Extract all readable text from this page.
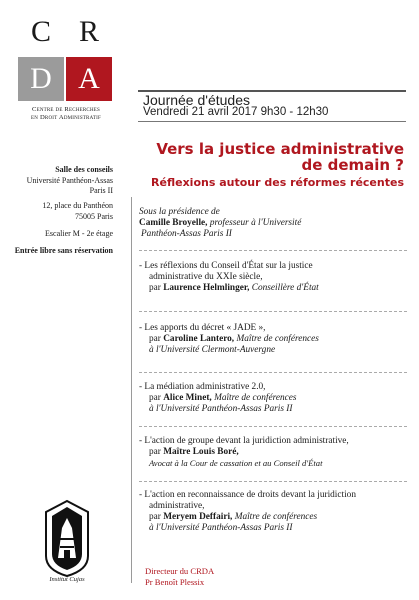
C R
D A
Centre de Recherches
en Droit Administratif
Salle des conseils
Université Panthéon-Assas
Paris II
12, place du Panthéon
75005 Paris
Escalier M - 2e étage
Entrée libre sans réservation
Journée d'études
Vendredi 21 avril 2017 9h30 - 12h30
Vers la justice administrative
de demain ?
Réflexions autour des réformes récentes
Sous la présidence de
Camille Broyelle, professeur à l'Université
Panthéon-Assas Paris II
- Les réflexions du Conseil d'État sur la justice
administrative du XXIe siècle,
par Laurence Helmlinger, Conseillère d'État
- Les apports du décret « JADE »,
par Caroline Lantero, Maître de conférences
à l'Université Clermont-Auvergne
- La médiation administrative 2.0,
par Alice Minet, Maître de conférences
à l'Université Panthéon-Assas Paris II
- L'action de groupe devant la juridiction administrative,
par Maître Louis Boré,
Avocat à la Cour de cassation et au Conseil d'État
- L'action en reconnaissance de droits devant la juridiction
administrative,
par Meryem Deffairi, Maître de conférences
à l'Université Panthéon-Assas Paris II
Institut Cujas
Directeur du CRDA
Pr Benoît Plessix
